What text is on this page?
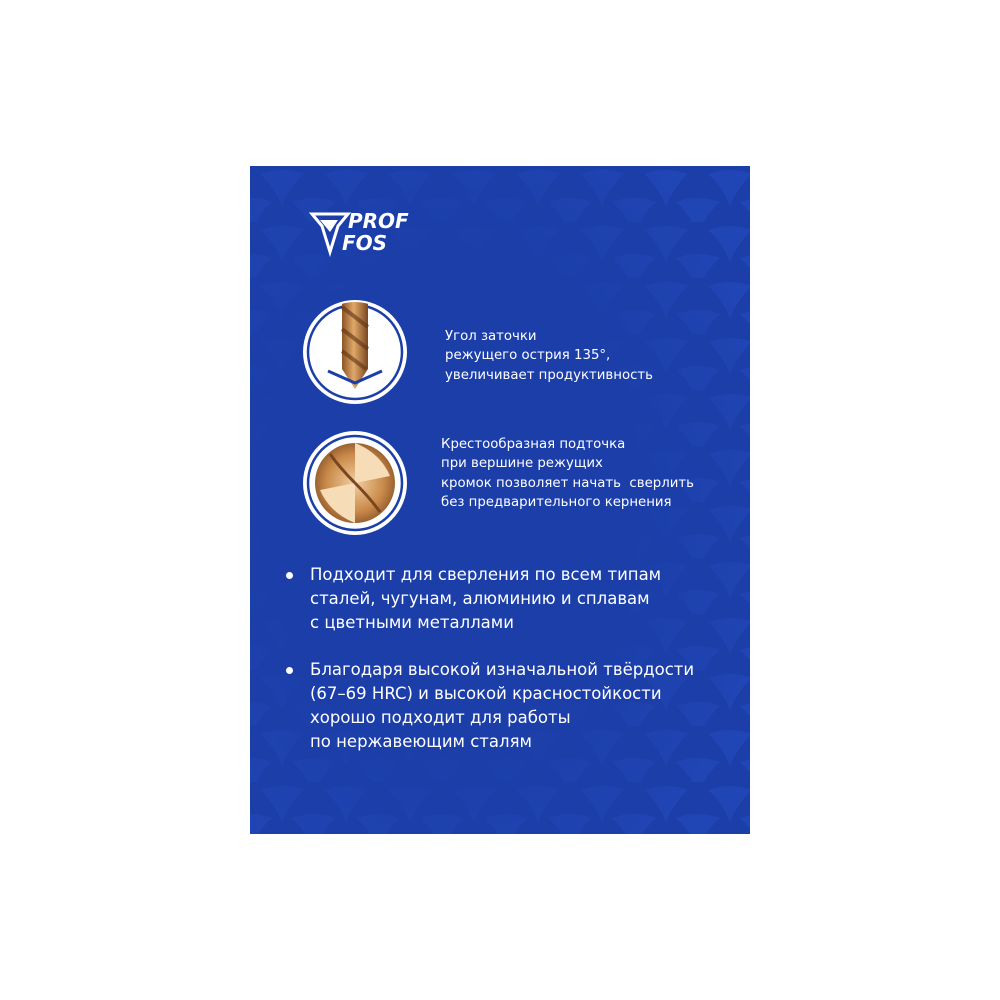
PROF
FOS
Угол заточки
режущего острия 135°,
увеличивает продуктивность
Крестообразная подточка
при вершине режущих
кромок позволяет начать  сверлить
без предварительного кернения
Подходит для сверления по всем типам
сталей, чугунам, алюминию и сплавам
с цветными металлами
Благодаря высокой изначальной твёрдости
(67–69 HRC) и высокой красностойкости
хорошо подходит для работы
по нержавеющим сталям
